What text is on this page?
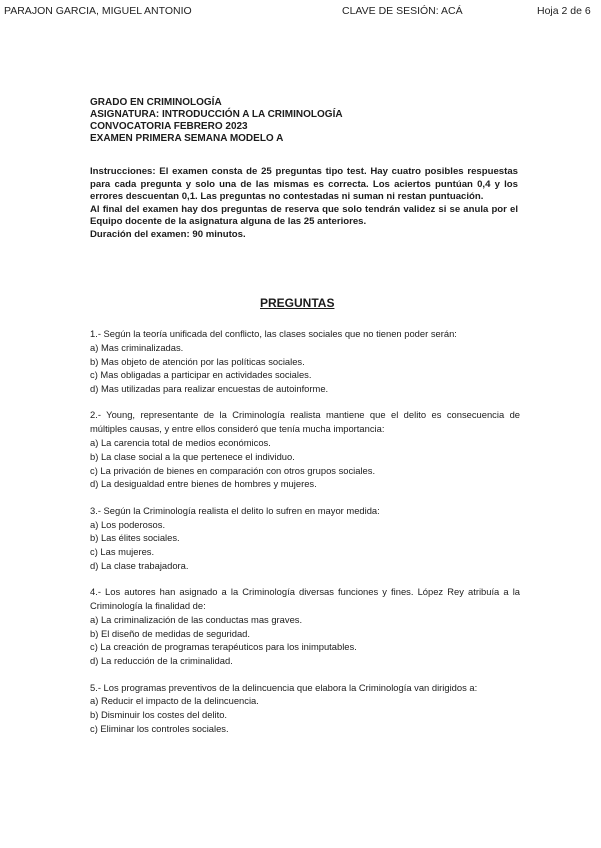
PARAJON GARCIA, MIGUEL ANTONIO	CLAVE DE SESIÓN: ACÁ	Hoja 2 de 6
GRADO EN CRIMINOLOGÍA
ASIGNATURA: INTRODUCCIÓN A LA CRIMINOLOGÍA
CONVOCATORIA FEBRERO 2023
EXAMEN PRIMERA SEMANA MODELO A

Instrucciones: El examen consta de 25 preguntas tipo test. Hay cuatro posibles respuestas para cada pregunta y solo una de las mismas es correcta. Los aciertos puntúan 0,4 y los errores descuentan 0,1. Las preguntas no contestadas ni suman ni restan puntuación.

Al final del examen hay dos preguntas de reserva que solo tendrán validez si se anula por el Equipo docente de la asignatura alguna de las 25 anteriores.

Duración del examen: 90 minutos.

PREGUNTAS
1.- Según la teoría unificada del conflicto, las clases sociales que no tienen poder serán:
a) Mas criminalizadas.
b) Mas objeto de atención por las políticas sociales.
c) Mas obligadas a participar en actividades sociales.
d) Mas utilizadas para realizar encuestas de autoinforme.
2.- Young, representante de la Criminología realista mantiene que el delito es consecuencia de múltiples causas, y entre ellos consideró que tenía mucha importancia:
a) La carencia total de medios económicos.
b) La clase social a la que pertenece el individuo.
c) La privación de bienes en comparación con otros grupos sociales.
d) La desigualdad entre bienes de hombres y mujeres.
3.- Según la Criminología realista el delito lo sufren en mayor medida:
a) Los poderosos.
b) Las élites sociales.
c) Las mujeres.
d) La clase trabajadora.
4.- Los autores han asignado a la Criminología diversas funciones y fines. López Rey atribuía a la Criminología la finalidad de:
a) La criminalización de las conductas mas graves.
b) El diseño de medidas de seguridad.
c) La creación de programas terapéuticos para los inimputables.
d) La reducción de la criminalidad.
5.- Los programas preventivos de la delincuencia que elabora la Criminología van dirigidos a:
a) Reducir el impacto de la delincuencia.
b) Disminuir los costes del delito.
c) Eliminar los controles sociales.
